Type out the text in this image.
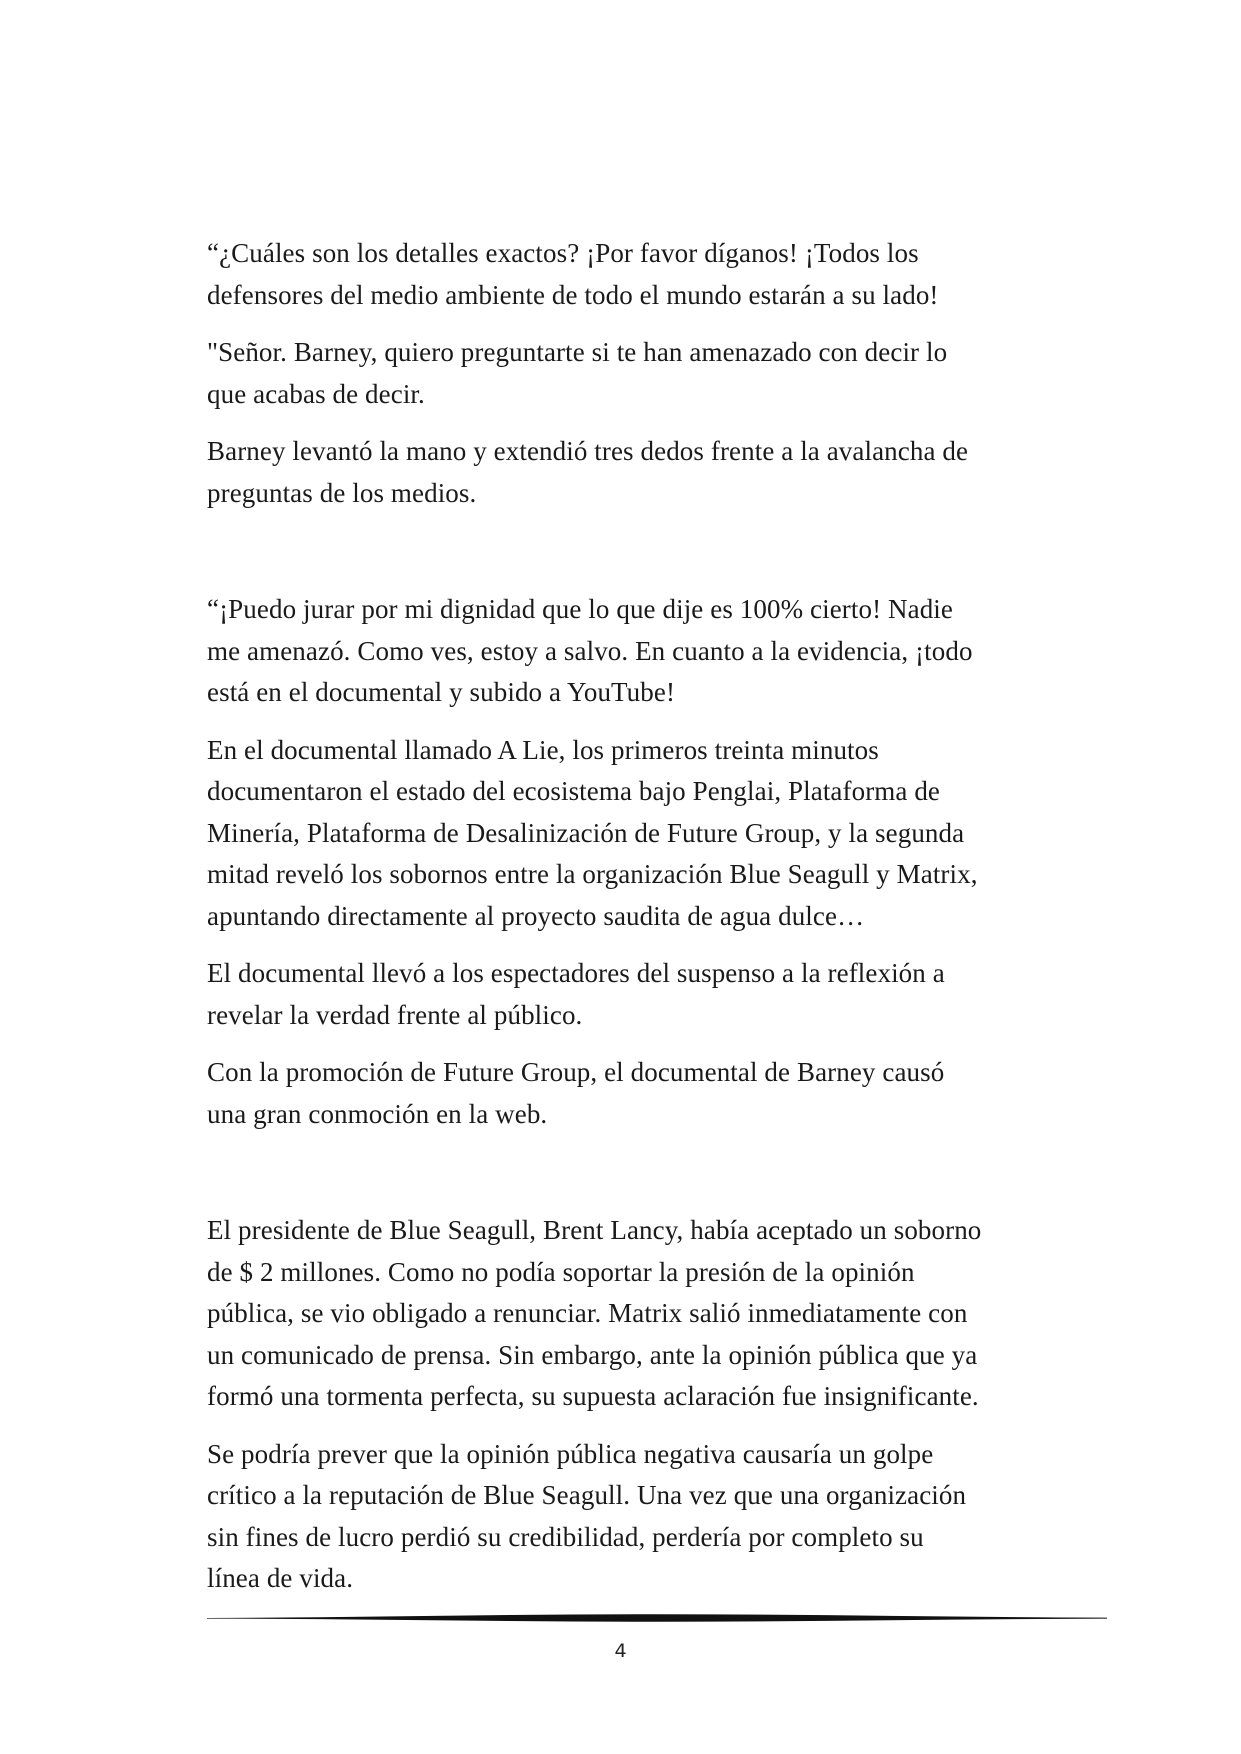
“¿Cuáles son los detalles exactos? ¡Por favor díganos! ¡Todos los
defensores del medio ambiente de todo el mundo estarán a su lado!

"Señor. Barney, quiero preguntarte si te han amenazado con decir lo
que acabas de decir.

Barney levantó la mano y extendió tres dedos frente a la avalancha de
preguntas de los medios.

“¡Puedo jurar por mi dignidad que lo que dije es 100% cierto! Nadie
me amenazó. Como ves, estoy a salvo. En cuanto a la evidencia, ¡todo
está en el documental y subido a YouTube!

En el documental llamado A Lie, los primeros treinta minutos
documentaron el estado del ecosistema bajo Penglai, Plataforma de
Minería, Plataforma de Desalinización de Future Group, y la segunda
mitad reveló los sobornos entre la organización Blue Seagull y Matrix,
apuntando directamente al proyecto saudita de agua dulce…

El documental llevó a los espectadores del suspenso a la reflexión a
revelar la verdad frente al público.

Con la promoción de Future Group, el documental de Barney causó
una gran conmoción en la web.

El presidente de Blue Seagull, Brent Lancy, había aceptado un soborno
de $ 2 millones. Como no podía soportar la presión de la opinión
pública, se vio obligado a renunciar. Matrix salió inmediatamente con
un comunicado de prensa. Sin embargo, ante la opinión pública que ya
formó una tormenta perfecta, su supuesta aclaración fue insignificante.

Se podría prever que la opinión pública negativa causaría un golpe
crítico a la reputación de Blue Seagull. Una vez que una organización
sin fines de lucro perdió su credibilidad, perdería por completo su
línea de vida.

4
